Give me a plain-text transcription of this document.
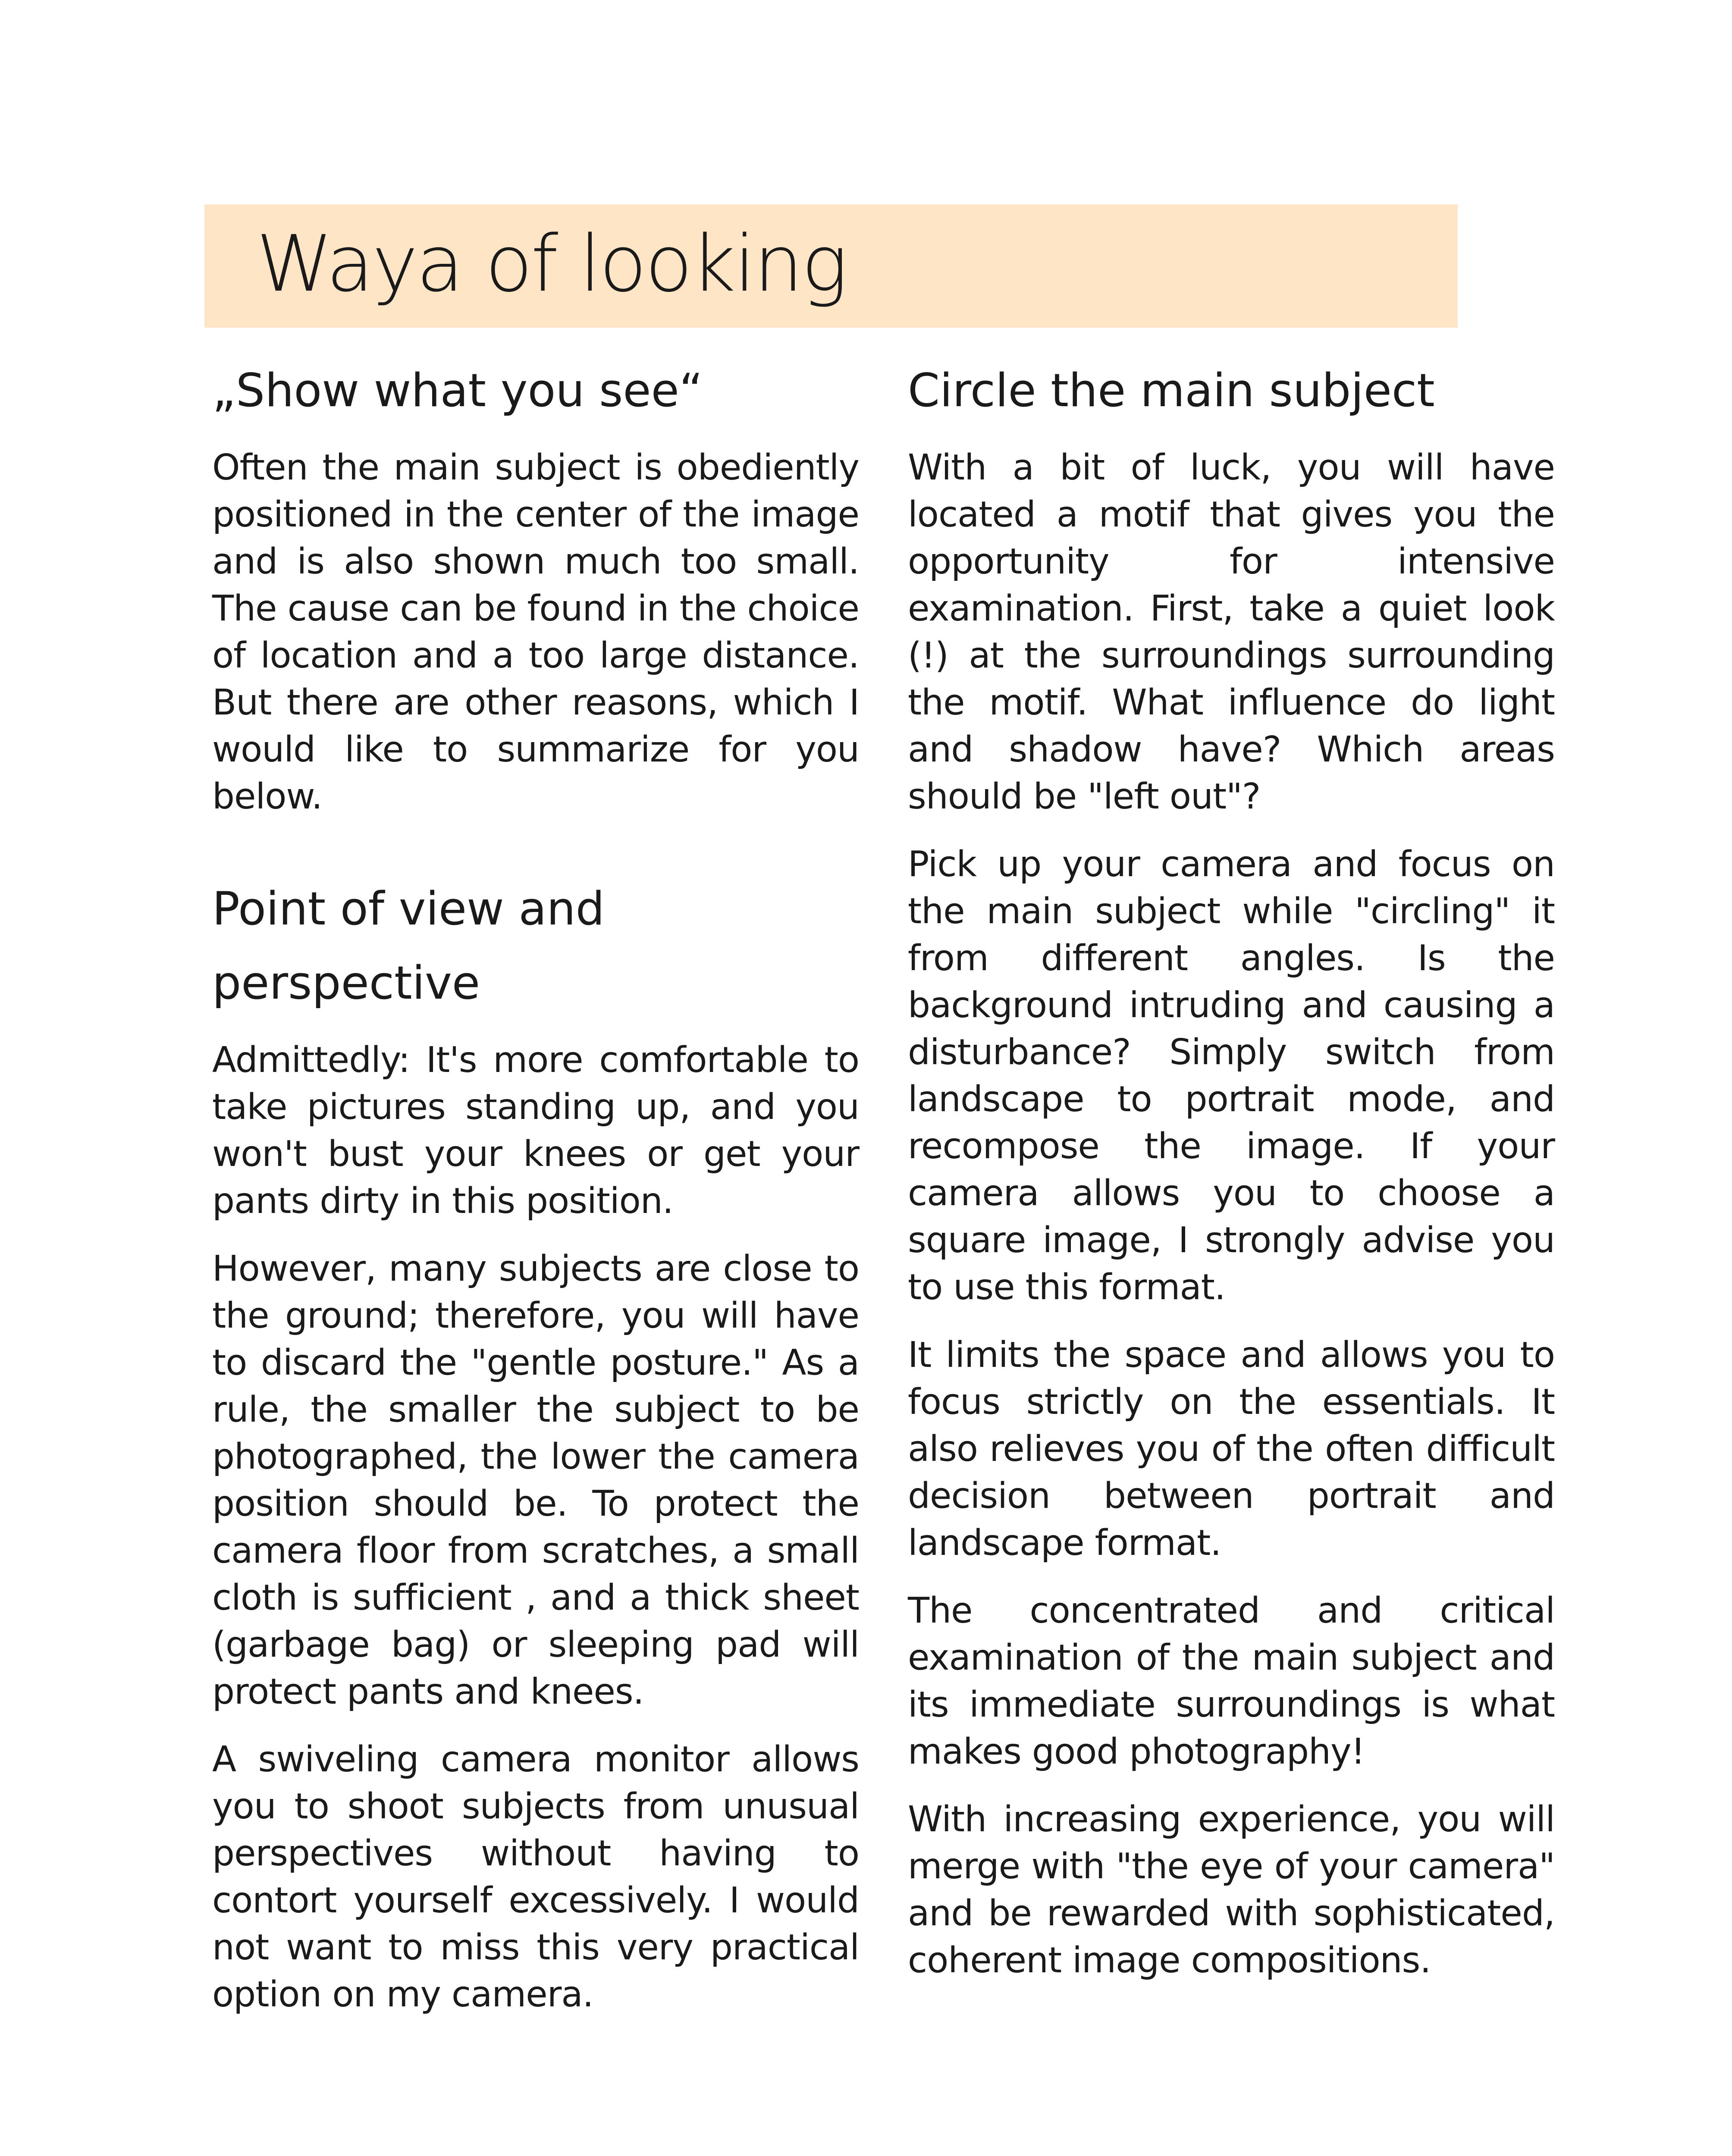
Waya of looking
„Show what you see“

Often the main subject is obediently positioned in the center of the image and is also shown much too small. The cause can be found in the choice of location and a too large distance. But there are other reasons, which I would like to summarize for you below.

Point of view and perspective

Admittedly: It's more comfortable to take pictures standing up, and you won't bust your knees or get your pants dirty in this position.

However, many subjects are close to the ground; therefore, you will have to discard the "gentle posture." As a rule, the smaller the subject to be photographed, the lower the camera position should be. To protect the camera floor from scratches, a small cloth is sufficient , and a thick sheet (garbage bag) or sleeping pad will protect pants and knees.

A swiveling camera monitor allows you to shoot subjects from unusual perspectives without having to contort yourself excessively. I would not want to miss this very practical option on my camera.

Circle the main subject

With a bit of luck, you will have located a motif that gives you the opportunity for intensive examination. First, take a quiet look (!) at the surroundings surrounding the motif. What influence do light and shadow have? Which areas should be "left out"?

Pick up your camera and focus on the main subject while "circling" it from different angles. Is the background intruding and causing a disturbance? Simply switch from landscape to portrait mode, and recompose the image. If your camera allows you to choose a square image, I strongly advise you to use this format.

It limits the space and allows you to focus strictly on the essentials. It also relieves you of the often difficult decision between portrait and landscape format.

The concentrated and critical examination of the main subject and its immediate surroundings is what makes good photography!

With increasing experience, you will merge with "the eye of your camera" and be rewarded with sophisticated, coherent image compositions.
